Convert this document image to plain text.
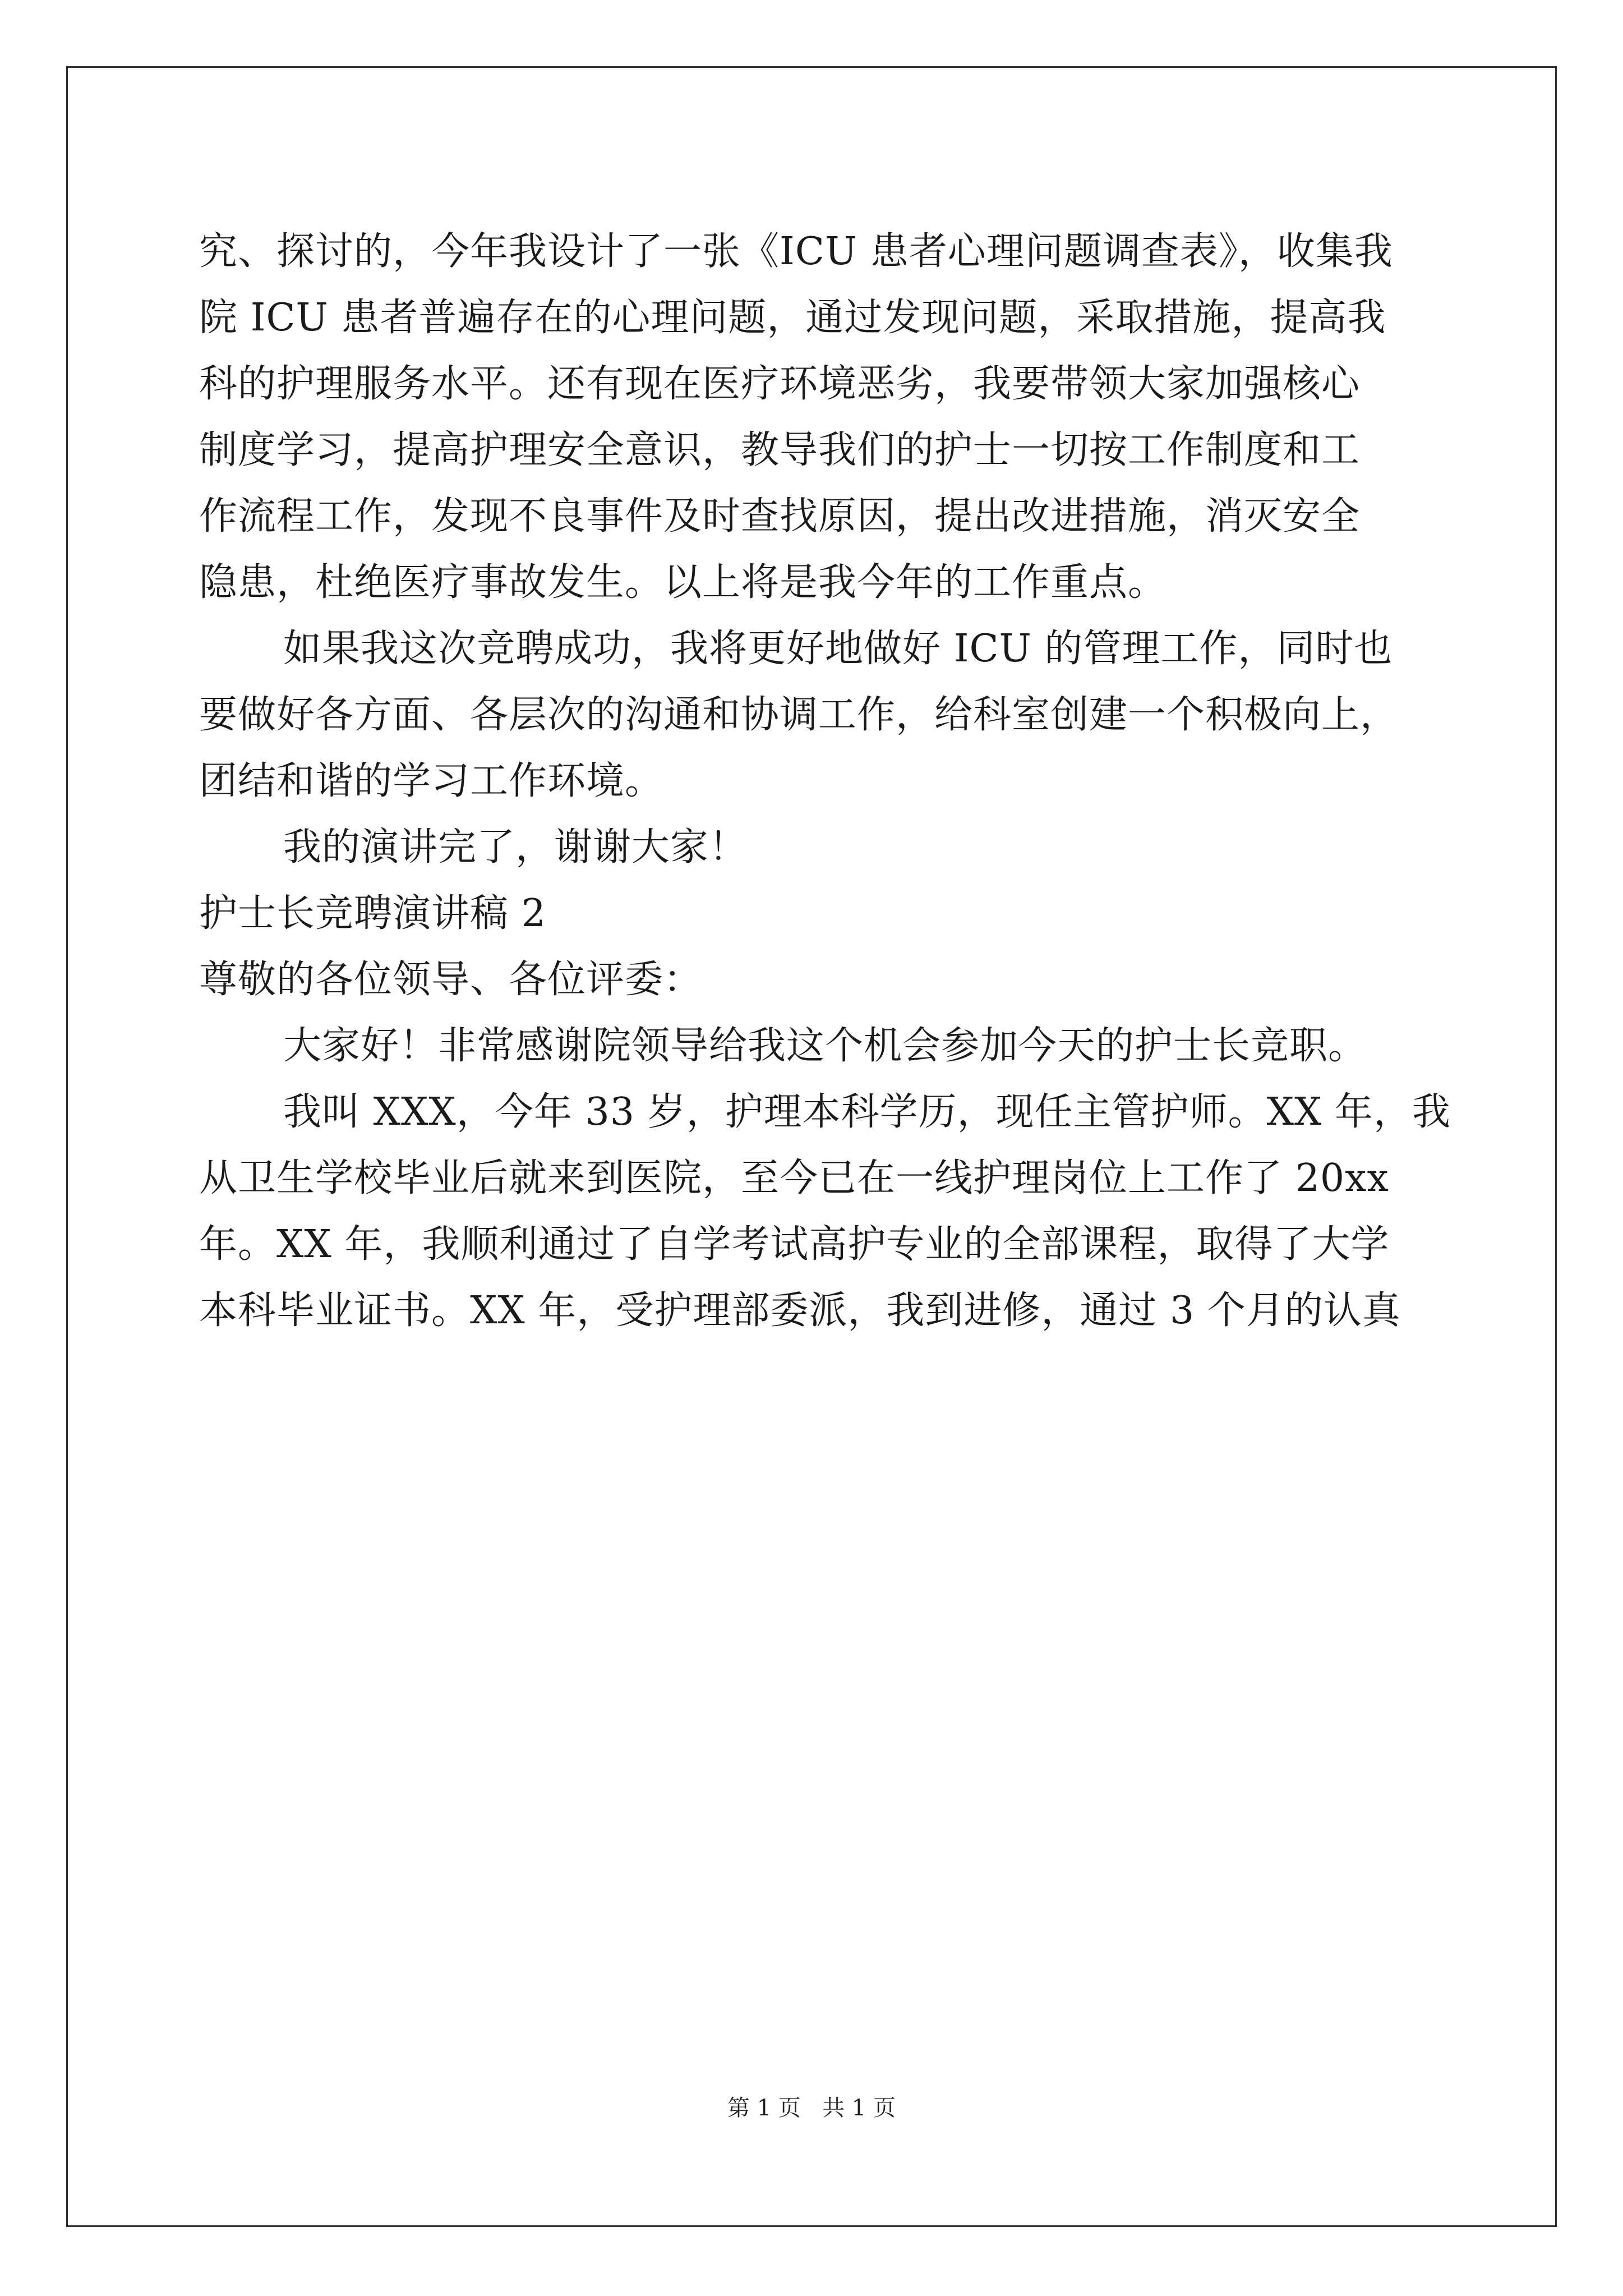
究、探讨的，今年我设计了一张《ICU 患者心理问题调查表》，收集我

院 ICU 患者普遍存在的心理问题，通过发现问题，采取措施，提高我

科的护理服务水平。还有现在医疗环境恶劣，我要带领大家加强核心

制度学习，提高护理安全意识，教导我们的护士一切按工作制度和工

作流程工作，发现不良事件及时查找原因，提出改进措施，消灭安全

隐患，杜绝医疗事故发生。以上将是我今年的工作重点。

如果我这次竞聘成功，我将更好地做好 ICU 的管理工作，同时也

要做好各方面、各层次的沟通和协调工作，给科室创建一个积极向上，

团结和谐的学习工作环境。

我的演讲完了，谢谢大家！

护士长竞聘演讲稿 2

尊敬的各位领导、各位评委：

大家好！非常感谢院领导给我这个机会参加今天的护士长竞职。

我叫 XXX，今年 33 岁，护理本科学历，现任主管护师。XX 年，我

从卫生学校毕业后就来到医院，至今已在一线护理岗位上工作了 20xx

年。XX 年，我顺利通过了自学考试高护专业的全部课程，取得了大学

本科毕业证书。XX 年，受护理部委派，我到进修，通过 3 个月的认真

第 1 页   共 1 页
